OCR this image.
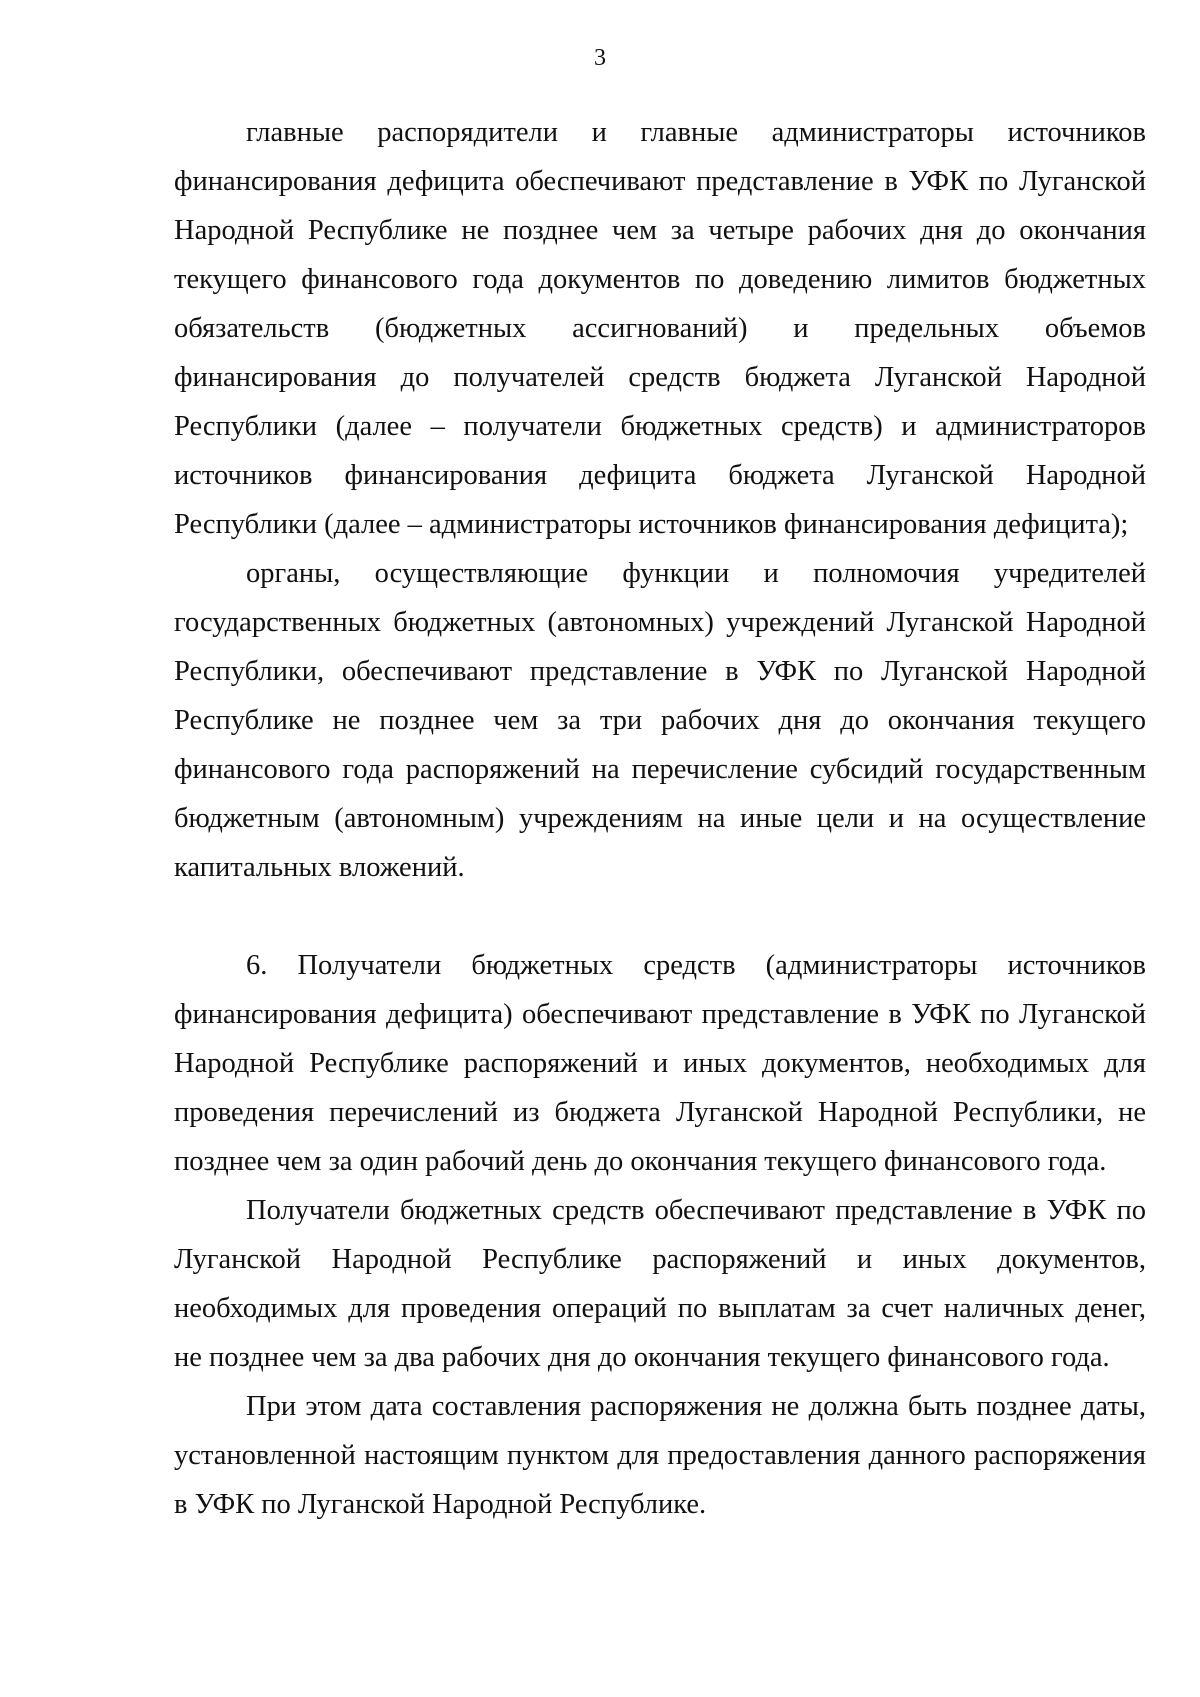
3

главные распорядители и главные администраторы источников финансирования дефицита обеспечивают представление в УФК по Луганской Народной Республике не позднее чем за четыре рабочих дня до окончания текущего финансового года документов по доведению лимитов бюджетных обязательств (бюджетных ассигнований) и предельных объемов финансирования до получателей средств бюджета Луганской Народной Республики (далее – получатели бюджетных средств) и администраторов источников финансирования дефицита бюджета Луганской Народной Республики (далее – администраторы источников финансирования дефицита);

органы, осуществляющие функции и полномочия учредителей государственных бюджетных (автономных) учреждений Луганской Народной Республики, обеспечивают представление в УФК по Луганской Народной Республике не позднее чем за три рабочих дня до окончания текущего финансового года распоряжений на перечисление субсидий государственным бюджетным (автономным) учреждениям на иные цели и на осуществление капитальных вложений.

6. Получатели бюджетных средств (администраторы источников финансирования дефицита) обеспечивают представление в УФК по Луганской Народной Республике распоряжений и иных документов, необходимых для проведения перечислений из бюджета Луганской Народной Республики, не позднее чем за один рабочий день до окончания текущего финансового года.

Получатели бюджетных средств обеспечивают представление в УФК по Луганской Народной Республике распоряжений и иных документов, необходимых для проведения операций по выплатам за счет наличных денег, не позднее чем за два рабочих дня до окончания текущего финансового года.

При этом дата составления распоряжения не должна быть позднее даты, установленной настоящим пунктом для предоставления данного распоряжения в УФК по Луганской Народной Республике.
